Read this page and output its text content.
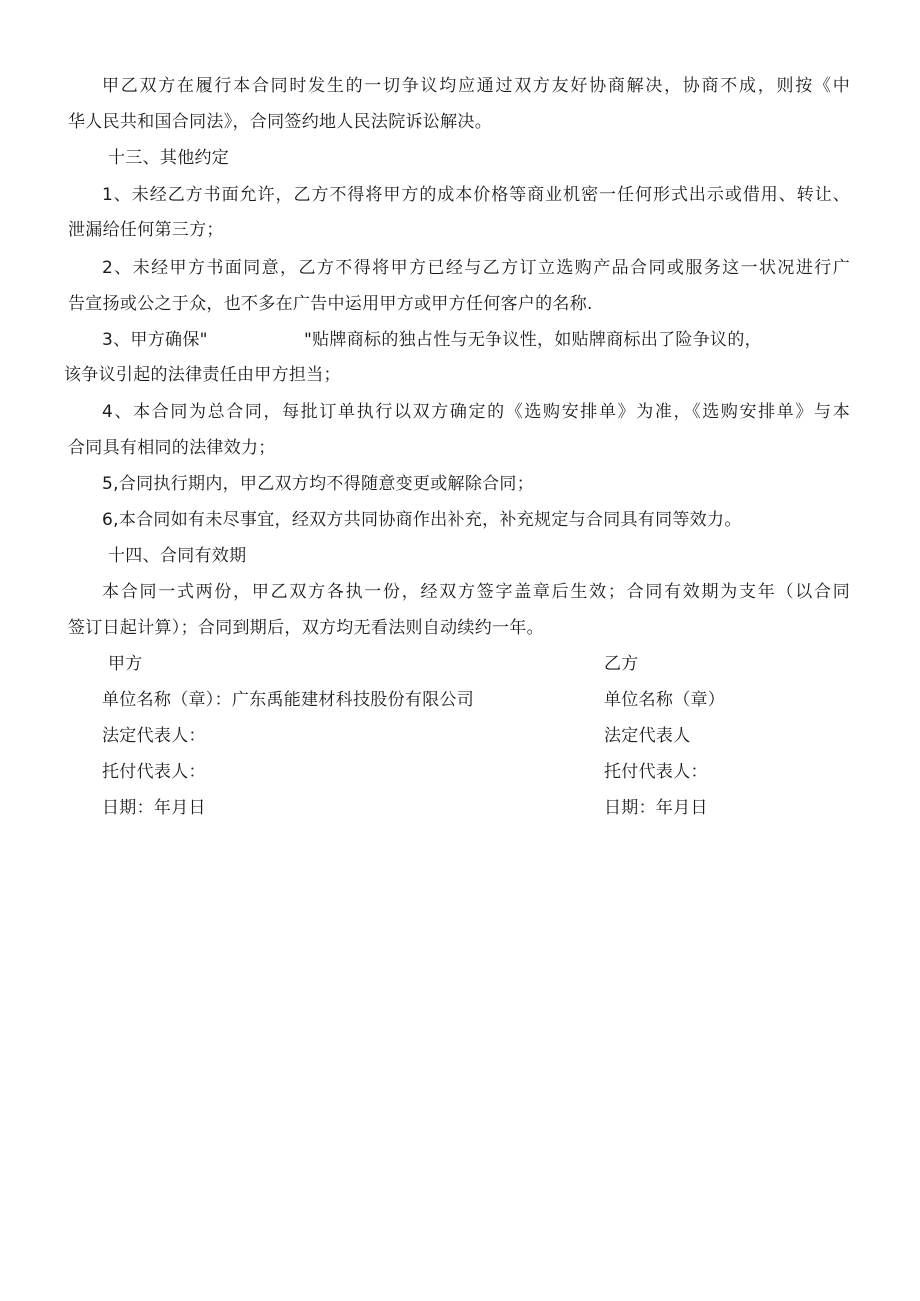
甲乙双方在履行本合同时发生的一切争议均应通过双方友好协商解决，协商不成，则按《中
华人民共和国合同法》，合同签约地人民法院诉讼解决。
十三、其他约定
1、未经乙方书面允许，乙方不得将甲方的成本价格等商业机密一任何形式出示或借用、转让、
泄漏给任何第三方；
2、未经甲方书面同意，乙方不得将甲方已经与乙方订立选购产品合同或服务这一状况进行广
告宣扬或公之于众，也不多在广告中运用甲方或甲方任何客户的名称.
3、甲方确保"	"贴牌商标的独占性与无争议性，如贴牌商标出了险争议的，
该争议引起的法律责任由甲方担当；
4、本合同为总合同，每批订单执行以双方确定的《选购安排单》为准，《选购安排单》与本
合同具有相同的法律效力；
5,合同执行期内，甲乙双方均不得随意变更或解除合同；
6,本合同如有未尽事宜，经双方共同协商作出补充，补充规定与合同具有同等效力。
十四、合同有效期
本合同一式两份，甲乙双方各执一份，经双方签字盖章后生效；合同有效期为支年（以合同
签订日起计算）；合同到期后，双方均无看法则自动续约一年。
甲方
单位名称（章）：广东禹能建材科技股份有限公司
法定代表人：
托付代表人：
日期：年月日
乙方
单位名称（章）
法定代表人
托付代表人：
日期：年月日
